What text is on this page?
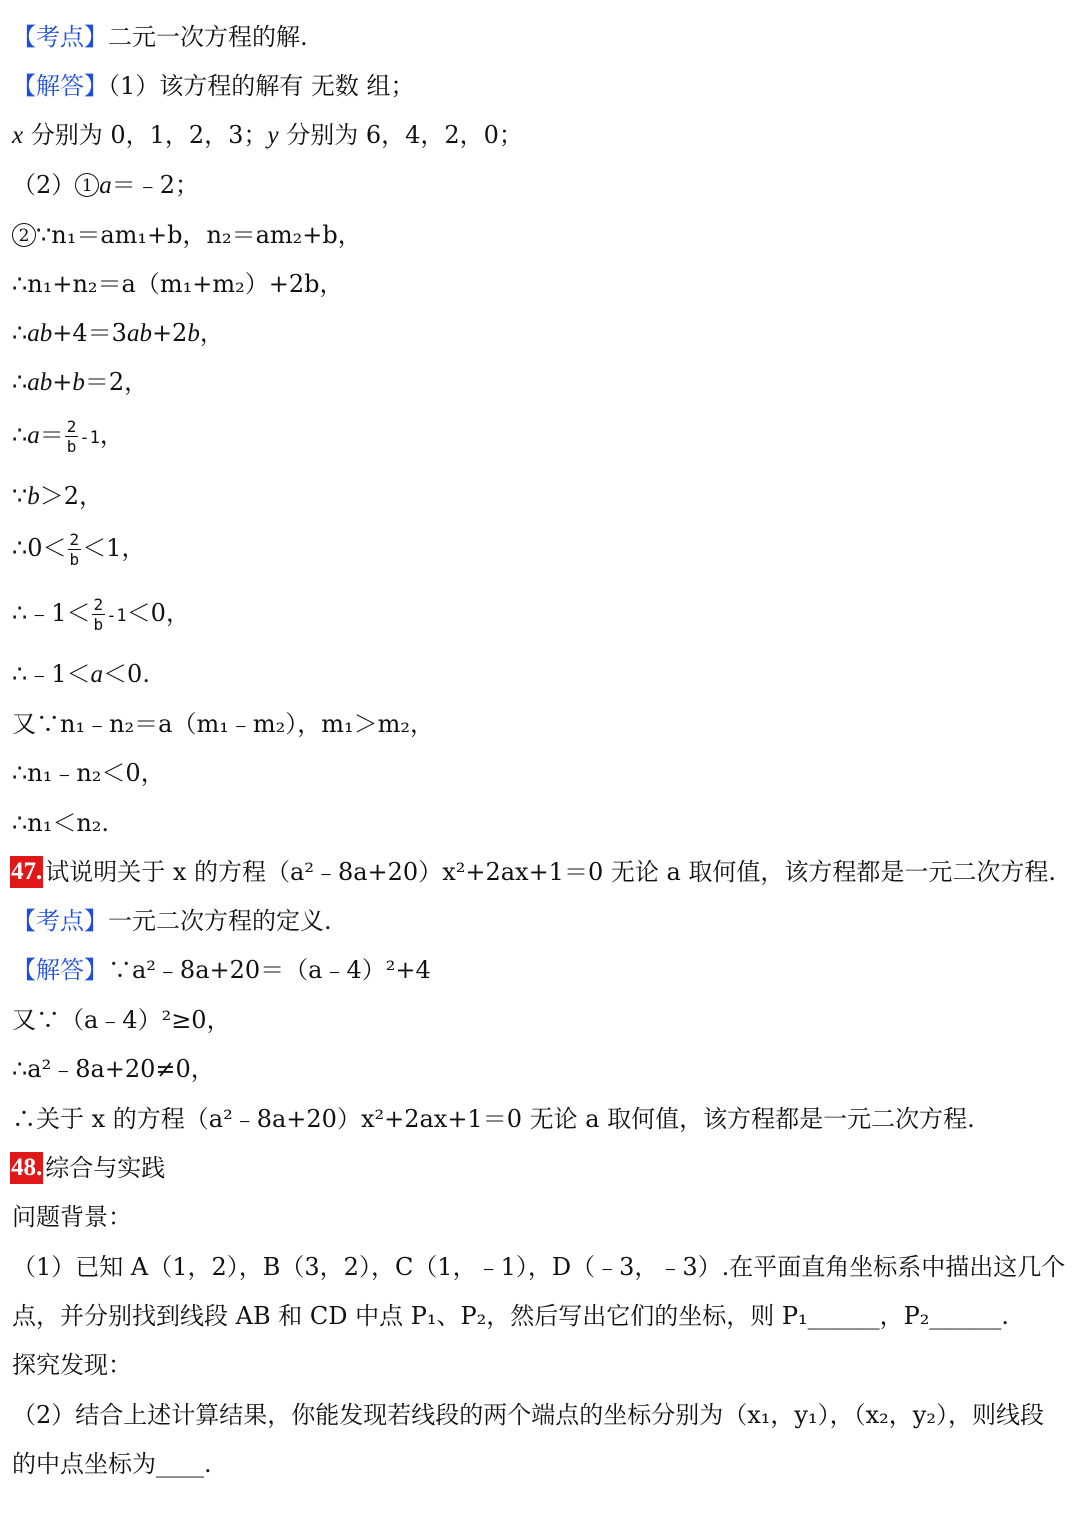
【考点】二元一次方程的解.
【解答】（1）该方程的解有 无数 组；
x 分别为 0，1，2，3；y 分别为 6，4，2，0；
（2） 1 a＝﹣2；
2 ∵n₁＝am₁+b，n₂＝am₂+b，
∴n₁+n₂＝a（m₁+m₂）+2b，
∴ab+4＝3ab+2b，
∴ab+b＝2，
∴a＝ $\frac{2}{b} -1$，
∵b＞2，
∴0＜ $\frac{2}{b} <1$，
∴﹣1＜ $\frac{2}{b} -1<0$，
∴﹣1＜a＜0.
又∵n₁﹣n₂＝a（m₁﹣m₂），m₁＞m₂，
∴n₁﹣n₂＜0，
∴n₁＜n₂.
47. 试说明关于 x 的方程（a²﹣8a+20）x²+2ax+1＝0 无论 a 取何值，该方程都是一元二次方程.
【考点】一元二次方程的定义.
【解答】∵a²﹣8a+20＝（a﹣4）²+4
又∵（a﹣4）²≥0，
∴a²﹣8a+20≠0，
∴关于 x 的方程（a²﹣8a+20）x²+2ax+1＝0 无论 a 取何值，该方程都是一元二次方程.
48. 综合与实践
问题背景：
（1）已知 A（1，2），B（3，2），C（1，﹣1），D（﹣3，﹣3）.在平面直角坐标系中描出这几个
点，并分别找到线段 AB 和 CD 中点 P₁、P₂，然后写出它们的坐标，则 P₁______，P₂______.
探究发现：
（2）结合上述计算结果，你能发现若线段的两个端点的坐标分别为（x₁，y₁），（x₂，y₂），则线段
的中点坐标为____.
